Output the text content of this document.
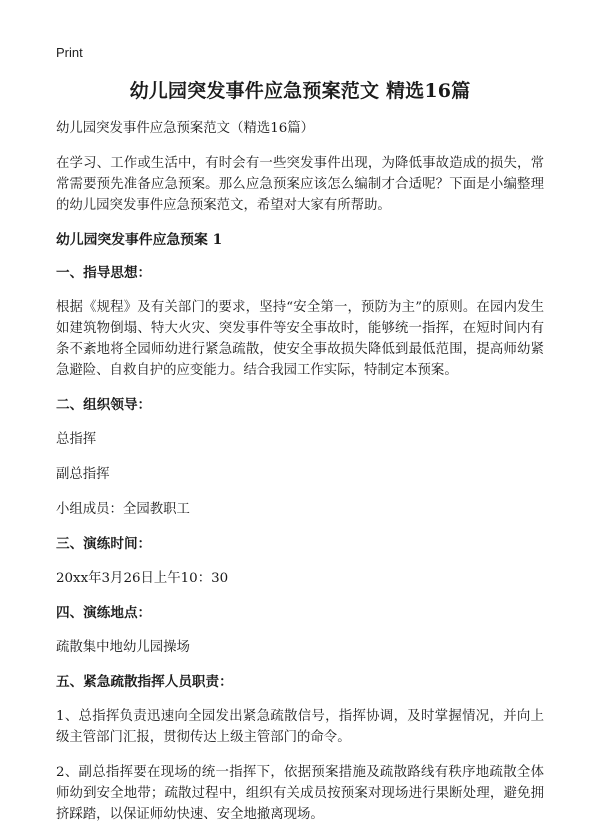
Print
幼儿园突发事件应急预案范文 精选16篇

幼儿园突发事件应急预案范文（精选16篇）

在学习、工作或生活中，有时会有一些突发事件出现，为降低事故造成的损失，常常需要预先准备应急预案。那么应急预案应该怎么编制才合适呢？下面是小编整理的幼儿园突发事件应急预案范文，希望对大家有所帮助。

幼儿园突发事件应急预案 1
一、指导思想：

根据《规程》及有关部门的要求，坚持“安全第一，预防为主”的原则。在园内发生如建筑物倒塌、特大火灾、突发事件等安全事故时，能够统一指挥，在短时间内有条不紊地将全园师幼进行紧急疏散，使安全事故损失降低到最低范围，提高师幼紧急避险、自救自护的应变能力。结合我园工作实际，特制定本预案。

二、组织领导：

总指挥

副总指挥

小组成员：全园教职工

三、演练时间：

20xx年3月26日上午10：30

四、演练地点：

疏散集中地幼儿园操场

五、紧急疏散指挥人员职责：

1、总指挥负责迅速向全园发出紧急疏散信号，指挥协调，及时掌握情况，并向上级主管部门汇报，贯彻传达上级主管部门的命令。

2、副总指挥要在现场的统一指挥下，依据预案措施及疏散路线有秩序地疏散全体师幼到安全地带；疏散过程中，组织有关成员按预案对现场进行果断处理，避免拥挤踩踏，以保证师幼快速、安全地撤离现场。
